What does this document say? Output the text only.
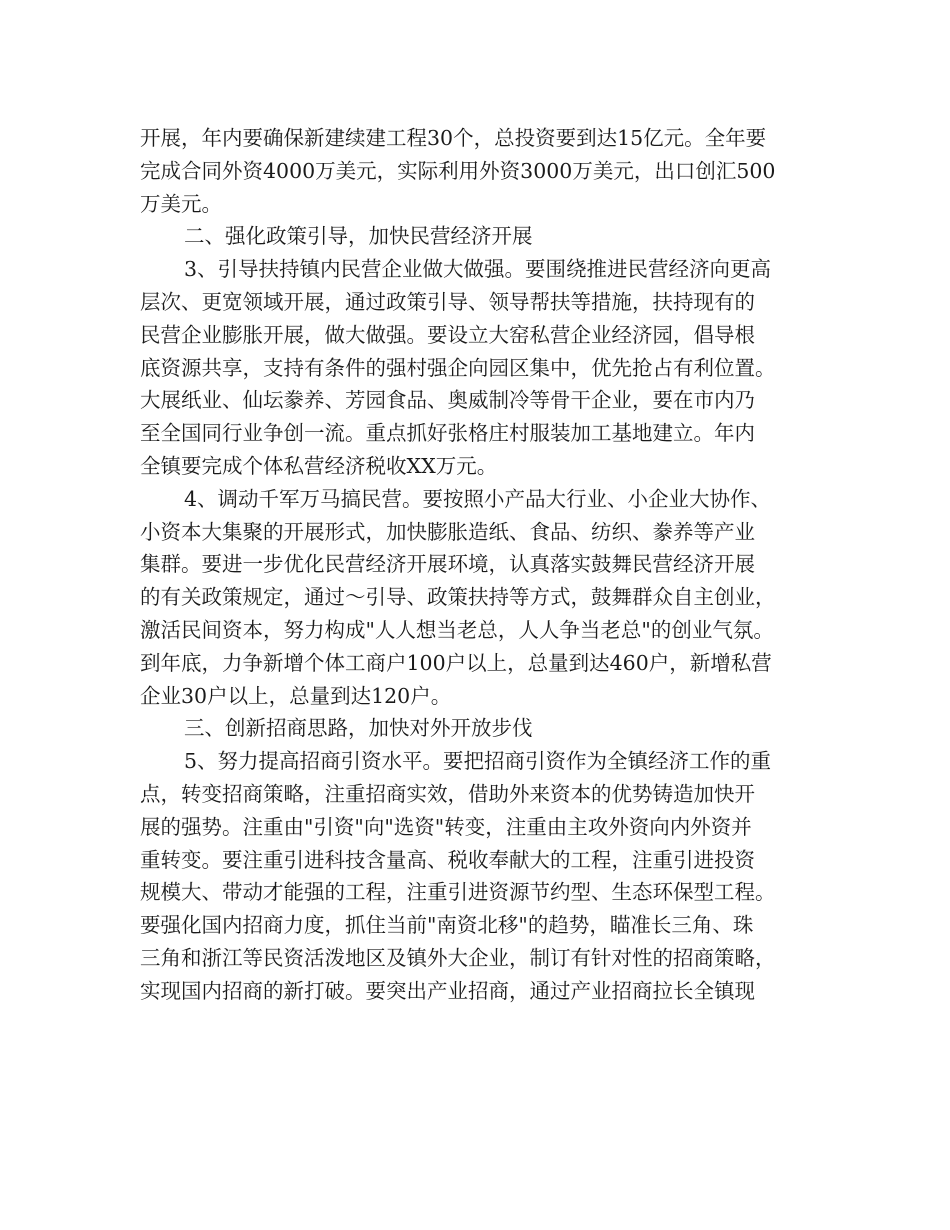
开展，年内要确保新建续建工程30个，总投资要到达15亿元。全年要
完成合同外资4000万美元，实际利用外资3000万美元，出口创汇500
万美元。
二、强化政策引导，加快民营经济开展
3、引导扶持镇内民营企业做大做强。要围绕推进民营经济向更高
层次、更宽领域开展，通过政策引导、领导帮扶等措施，扶持现有的
民营企业膨胀开展，做大做强。要设立大窑私营企业经济园，倡导根
底资源共享，支持有条件的强村强企向园区集中，优先抢占有利位置。
大展纸业、仙坛豢养、芳园食品、奥威制冷等骨干企业，要在市内乃
至全国同行业争创一流。重点抓好张格庄村服装加工基地建立。年内
全镇要完成个体私营经济税收XX万元。
4、调动千军万马搞民营。要按照小产品大行业、小企业大协作、
小资本大集聚的开展形式，加快膨胀造纸、食品、纺织、豢养等产业
集群。要进一步优化民营经济开展环境，认真落实鼓舞民营经济开展
的有关政策规定，通过～引导、政策扶持等方式，鼓舞群众自主创业，
激活民间资本，努力构成"人人想当老总，人人争当老总"的创业气氛。
到年底，力争新增个体工商户100户以上，总量到达460户，新增私营
企业30户以上，总量到达120户。
三、创新招商思路，加快对外开放步伐
5、努力提高招商引资水平。要把招商引资作为全镇经济工作的重
点，转变招商策略，注重招商实效，借助外来资本的优势铸造加快开
展的强势。注重由"引资"向"选资"转变，注重由主攻外资向内外资并
重转变。要注重引进科技含量高、税收奉献大的工程，注重引进投资
规模大、带动才能强的工程，注重引进资源节约型、生态环保型工程。
要强化国内招商力度，抓住当前"南资北移"的趋势，瞄准长三角、珠
三角和浙江等民资活泼地区及镇外大企业，制订有针对性的招商策略，
实现国内招商的新打破。要突出产业招商，通过产业招商拉长全镇现
